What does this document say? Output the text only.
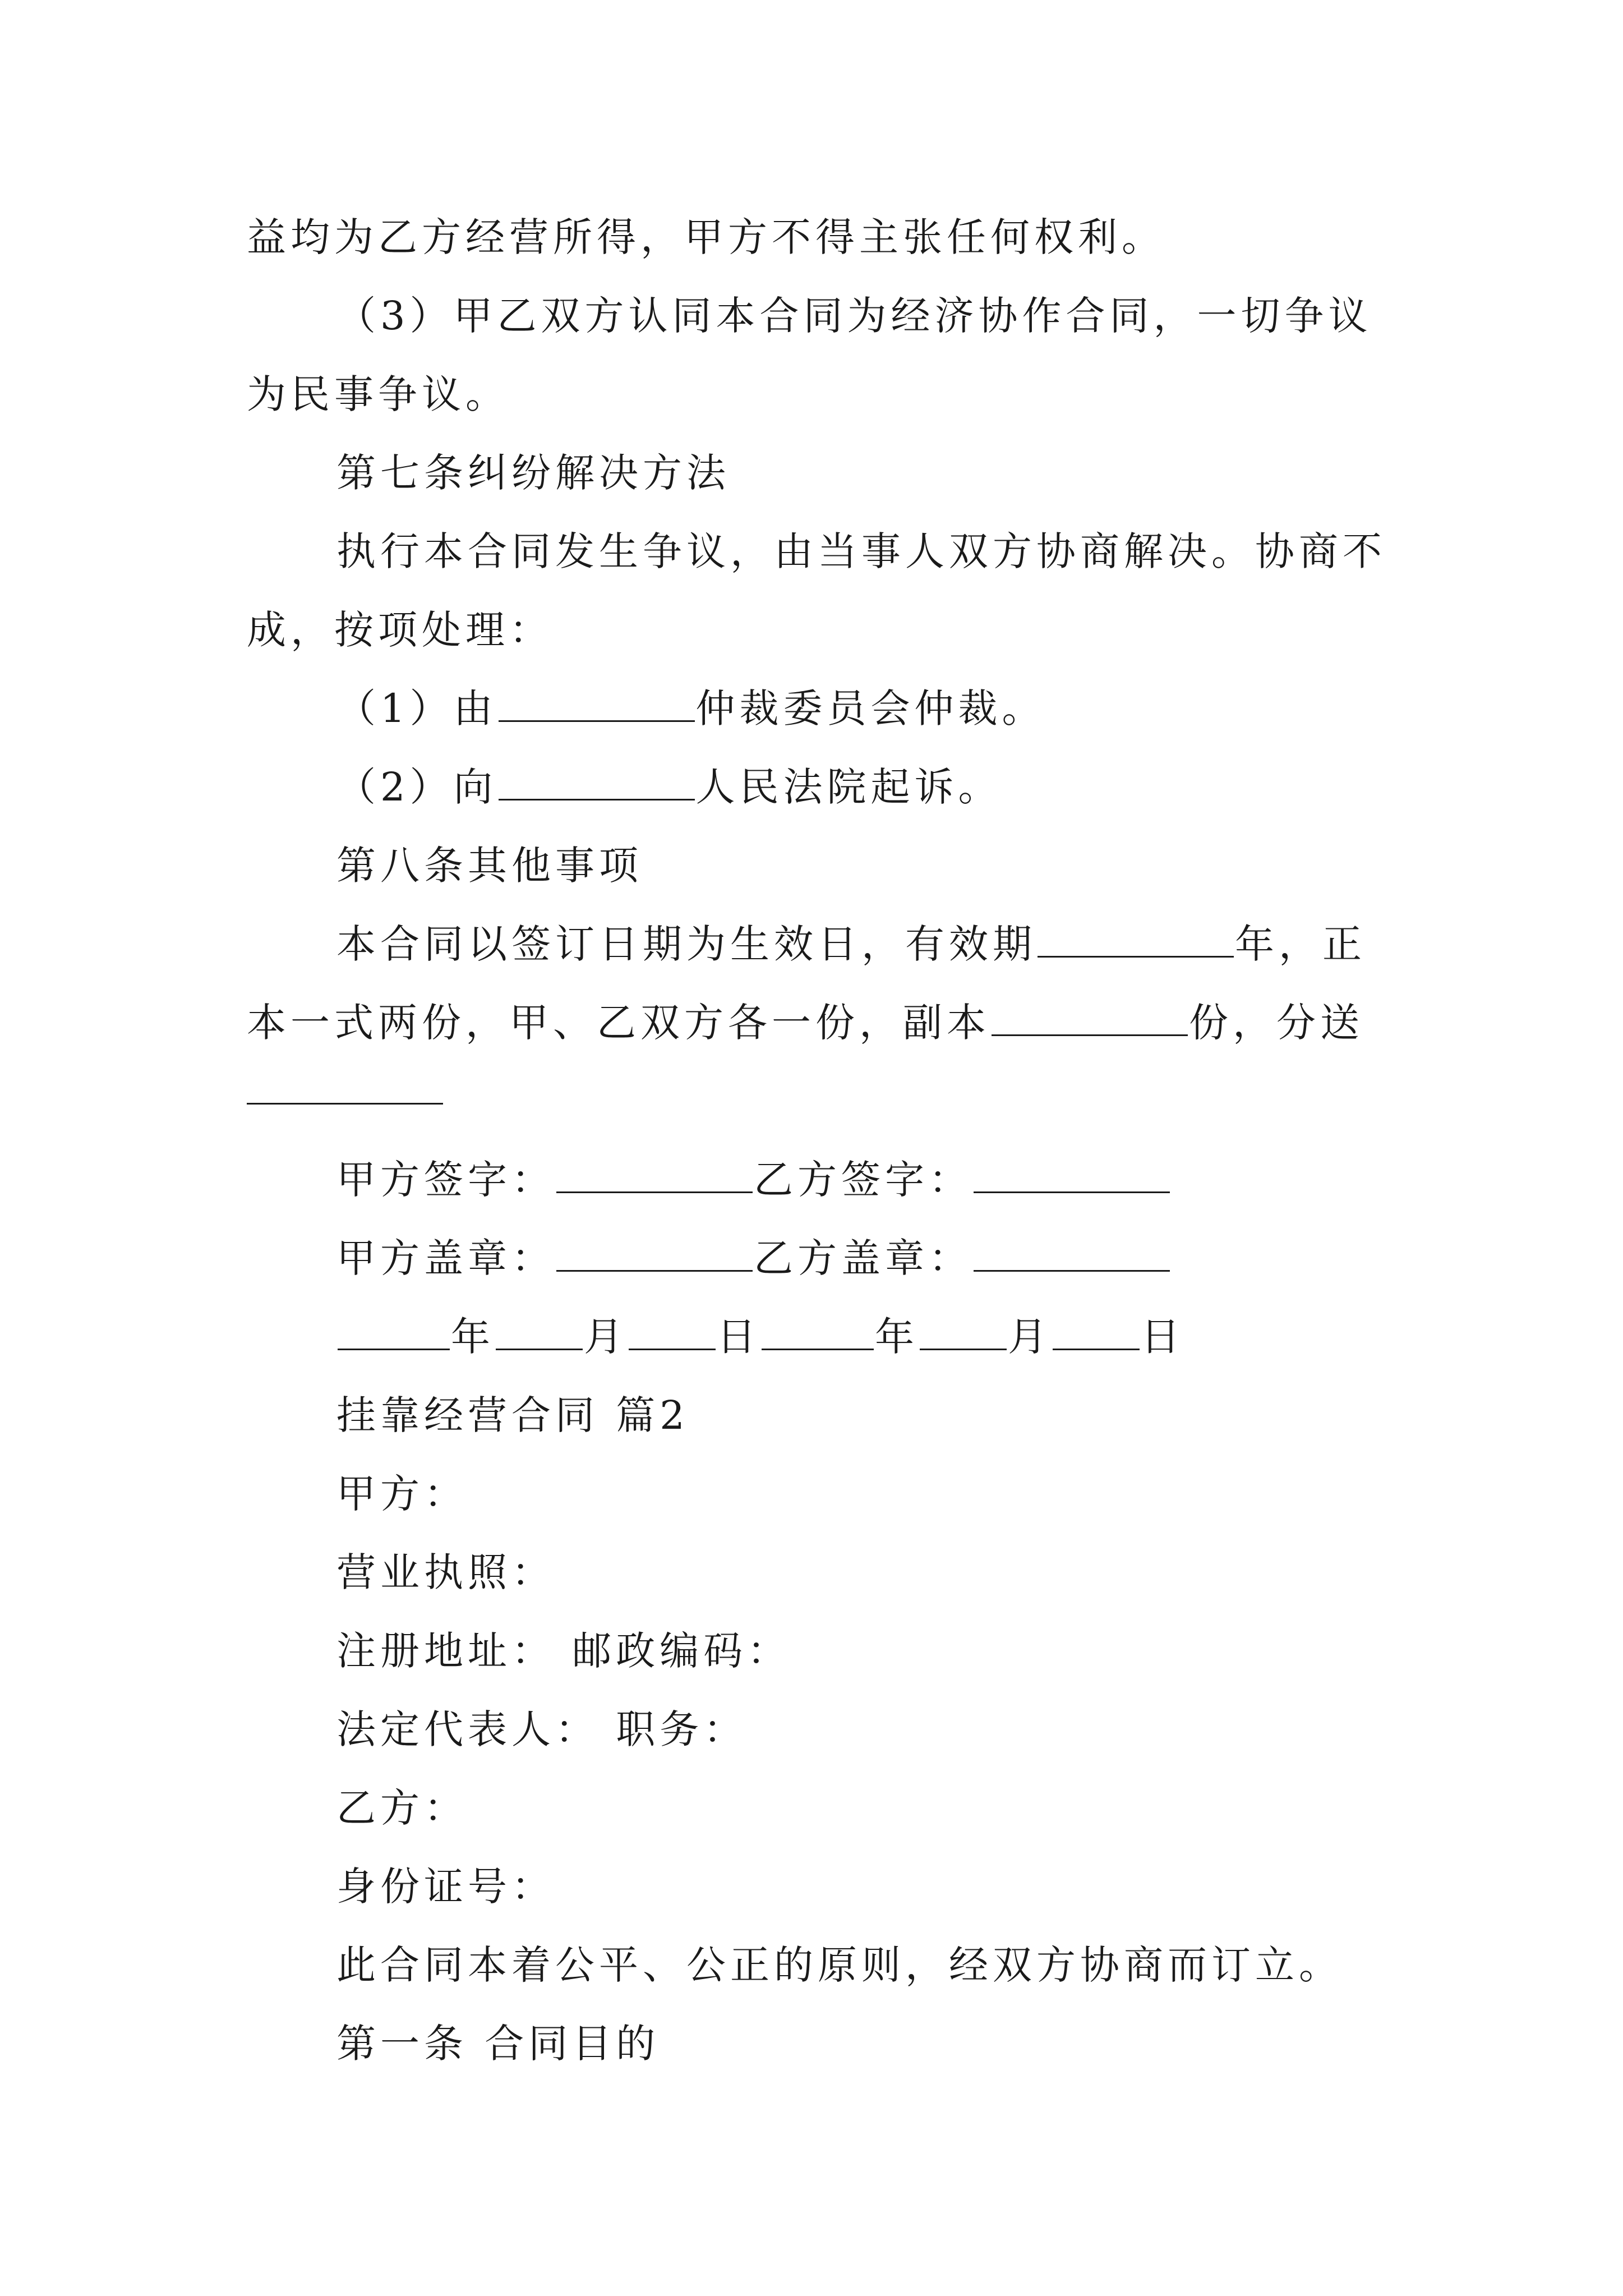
益均为乙方经营所得，甲方不得主张任何权利。
（3）甲乙双方认同本合同为经济协作合同，一切争议
为民事争议。
第七条纠纷解决方法
执行本合同发生争议，由当事人双方协商解决。协商不
成，按项处理：
（1）由	仲裁委员会仲裁。
（2）向	人民法院起诉。
第八条其他事项
本合同以签订日期为生效日，有效期	年，正
本一式两份，甲、乙双方各一份，副本	份，分送
甲方签字：	乙方签字：
甲方盖章：	乙方盖章：
年 月 日	年 月 日
挂靠经营合同 篇2
甲方：
营业执照：
注册地址： 邮政编码：
法定代表人： 职务：
乙方：
身份证号：
此合同本着公平、公正的原则，经双方协商而订立。
第一条 合同目的
